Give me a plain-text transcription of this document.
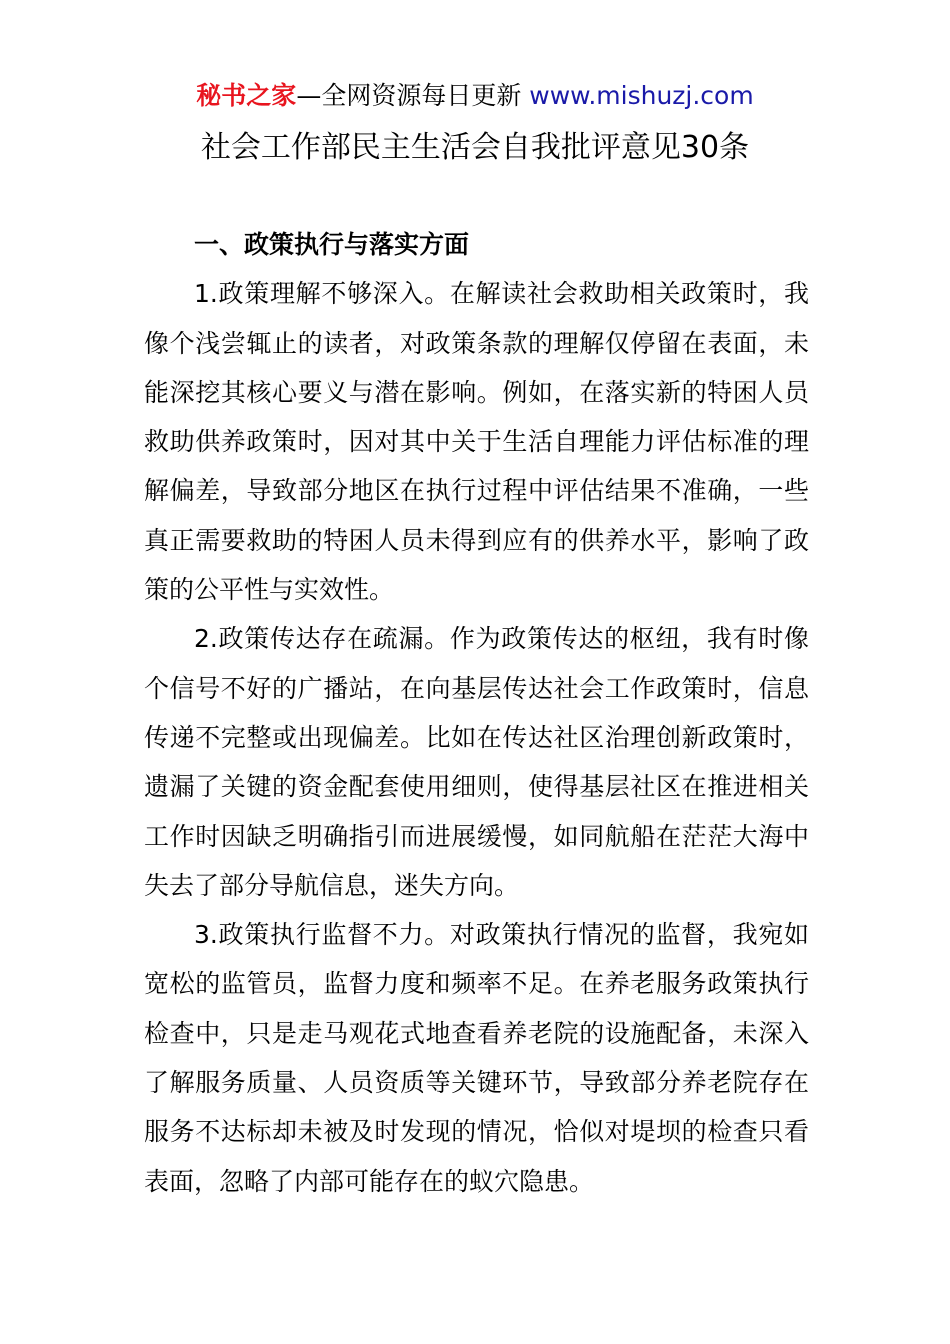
秘书之家—全网资源每日更新 www.mishuzj.com
社会工作部民主生活会自我批评意见30条

一、政策执行与落实方面

1.政策理解不够深入。在解读社会救助相关政策时，我像个浅尝辄止的读者，对政策条款的理解仅停留在表面，未能深挖其核心要义与潜在影响。例如，在落实新的特困人员救助供养政策时，因对其中关于生活自理能力评估标准的理解偏差，导致部分地区在执行过程中评估结果不准确，一些真正需要救助的特困人员未得到应有的供养水平，影响了政策的公平性与实效性。

2.政策传达存在疏漏。作为政策传达的枢纽，我有时像个信号不好的广播站，在向基层传达社会工作政策时，信息传递不完整或出现偏差。比如在传达社区治理创新政策时，遗漏了关键的资金配套使用细则，使得基层社区在推进相关工作时因缺乏明确指引而进展缓慢，如同航船在茫茫大海中失去了部分导航信息，迷失方向。

3.政策执行监督不力。对政策执行情况的监督，我宛如宽松的监管员，监督力度和频率不足。在养老服务政策执行检查中，只是走马观花式地查看养老院的设施配备，未深入了解服务质量、人员资质等关键环节，导致部分养老院存在服务不达标却未被及时发现的情况，恰似对堤坝的检查只看表面，忽略了内部可能存在的蚁穴隐患。
